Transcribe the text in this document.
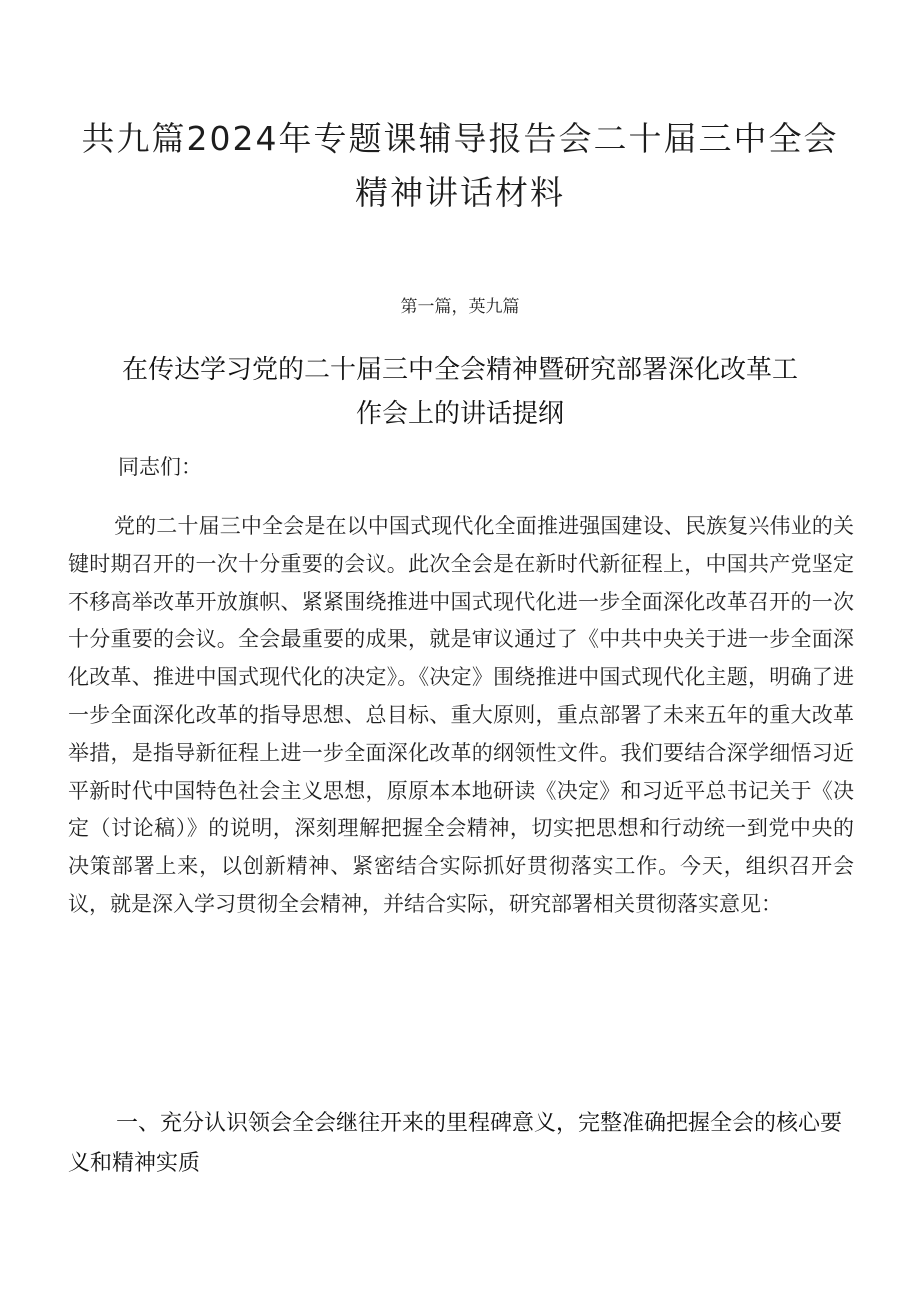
共九篇2024年专题课辅导报告会二十届三中全会精神讲话材料
第一篇，英九篇
在传达学习党的二十届三中全会精神暨研究部署深化改革工作会上的讲话提纲
同志们：

党的二十届三中全会是在以中国式现代化全面推进强国建设、民族复兴伟业的关键时期召开的一次十分重要的会议。此次全会是在新时代新征程上，中国共产党坚定不移高举改革开放旗帜、紧紧围绕推进中国式现代化进一步全面深化改革召开的一次十分重要的会议。全会最重要的成果，就是审议通过了《中共中央关于进一步全面深化改革、推进中国式现代化的决定》。《决定》围绕推进中国式现代化主题，明确了进一步全面深化改革的指导思想、总目标、重大原则，重点部署了未来五年的重大改革举措，是指导新征程上进一步全面深化改革的纲领性文件。我们要结合深学细悟习近平新时代中国特色社会主义思想，原原本本地研读《决定》和习近平总书记关于《决定（讨论稿）》的说明，深刻理解把握全会精神，切实把思想和行动统一到党中央的决策部署上来，以创新精神、紧密结合实际抓好贯彻落实工作。今天，组织召开会议，就是深入学习贯彻全会精神，并结合实际，研究部署相关贯彻落实意见：

一、充分认识领会全会继往开来的里程碑意义，完整准确把握全会的核心要义和精神实质
